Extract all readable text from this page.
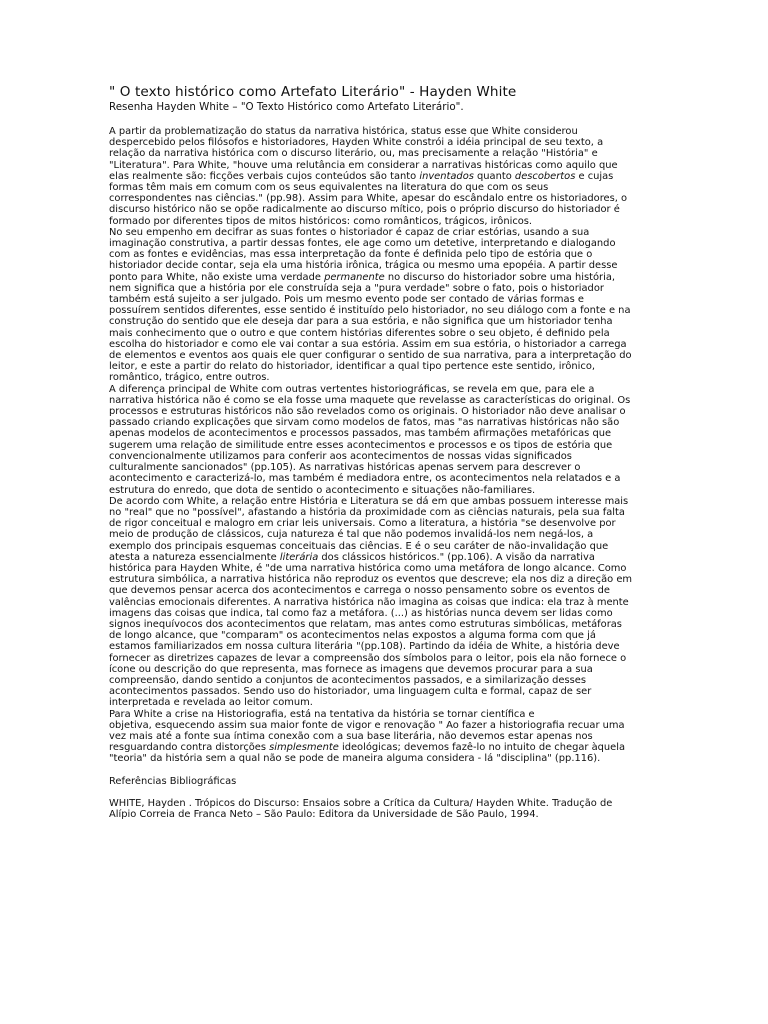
" O texto histórico como Artefato Literário" - Hayden White
Resenha Hayden White – "O Texto Histórico como Artefato Literário".

A partir da problematização do status da narrativa histórica, status esse que White considerou

despercebido pelos filósofos e historiadores, Hayden White constrói a idéia principal de seu texto, a

relação da narrativa histórica com o discurso literário, ou, mas precisamente a relação "História" e

"Literatura". Para White, "houve uma relutância em considerar a narrativas históricas como aquilo que

elas realmente são: ficções verbais cujos conteúdos são tanto inventados quanto descobertos e cujas

formas têm mais em comum com os seus equivalentes na literatura do que com os seus

correspondentes nas ciências." (pp.98). Assim para White, apesar do escândalo entre os historiadores, o

discurso histórico não se opõe radicalmente ao discurso mítico, pois o próprio discurso do historiador é

formado por diferentes tipos de mitos históricos: como românticos, trágicos, irônicos.

No seu empenho em decifrar as suas fontes o historiador é capaz de criar estórias, usando a sua

imaginação construtiva, a partir dessas fontes, ele age como um detetive, interpretando e dialogando

com as fontes e evidências, mas essa interpretação da fonte é definida pelo tipo de estória que o

historiador decide contar, seja ela uma história irônica, trágica ou mesmo uma epopéia. A partir desse

ponto para White, não existe uma verdade permanente no discurso do historiador sobre uma história,

nem significa que a história por ele construída seja a "pura verdade" sobre o fato, pois o historiador

também está sujeito a ser julgado. Pois um mesmo evento pode ser contado de várias formas e

possuírem sentidos diferentes, esse sentido é instituído pelo historiador, no seu diálogo com a fonte e na

construção do sentido que ele deseja dar para a sua estória, e não significa que um historiador tenha

mais conhecimento que o outro e que contem histórias diferentes sobre o seu objeto, é definido pela

escolha do historiador e como ele vai contar a sua estória. Assim em sua estória, o historiador a carrega

de elementos e eventos aos quais ele quer configurar o sentido de sua narrativa, para a interpretação do

leitor, e este a partir do relato do historiador, identificar a qual tipo pertence este sentido, irônico,

romântico, trágico, entre outros.

A diferença principal de White com outras vertentes historiográficas, se revela em que, para ele a

narrativa histórica não é como se ela fosse uma maquete que revelasse as características do original. Os

processos e estruturas históricos não são revelados como os originais. O historiador não deve analisar o

passado criando explicações que sirvam como modelos de fatos, mas "as narrativas históricas não são

apenas modelos de acontecimentos e processos passados, mas também afirmações metafóricas que

sugerem uma relação de similitude entre esses acontecimentos e processos e os tipos de estória que

convencionalmente utilizamos para conferir aos acontecimentos de nossas vidas significados

culturalmente sancionados" (pp.105). As narrativas históricas apenas servem para descrever o

acontecimento e caracterizá-lo, mas também é mediadora entre, os acontecimentos nela relatados e a

estrutura do enredo, que dota de sentido o acontecimento e situações não-familiares.

De acordo com White, a relação entre História e Literatura se dá em que ambas possuem interesse mais

no "real" que no "possível", afastando a história da proximidade com as ciências naturais, pela sua falta

de rigor conceitual e malogro em criar leis universais. Como a literatura, a história "se desenvolve por

meio de produção de clássicos, cuja natureza é tal que não podemos invalidá-los nem negá-los, a

exemplo dos principais esquemas conceituais das ciências. E é o seu caráter de não-invalidação que

atesta a natureza essencialmente literária dos clássicos históricos." (pp.106). A visão da narrativa

histórica para Hayden White, é "de uma narrativa histórica como uma metáfora de longo alcance. Como

estrutura simbólica, a narrativa histórica não reproduz os eventos que descreve; ela nos diz a direção em

que devemos pensar acerca dos acontecimentos e carrega o nosso pensamento sobre os eventos de

valências emocionais diferentes. A narrativa histórica não imagina as coisas que indica: ela traz à mente

imagens das coisas que indica, tal como faz a metáfora. (...) as histórias nunca devem ser lidas como

signos inequívocos dos acontecimentos que relatam, mas antes como estruturas simbólicas, metáforas

de longo alcance, que "comparam" os acontecimentos nelas expostos a alguma forma com que já

estamos familiarizados em nossa cultura literária "(pp.108). Partindo da idéia de White, a história deve

fornecer as diretrizes capazes de levar a compreensão dos símbolos para o leitor, pois ela não fornece o

ícone ou descrição do que representa, mas fornece as imagens que devemos procurar para a sua

compreensão, dando sentido a conjuntos de acontecimentos passados, e a similarização desses

acontecimentos passados. Sendo uso do historiador, uma linguagem culta e formal, capaz de ser

interpretada e revelada ao leitor comum.

Para White a crise na Historiografia, está na tentativa da história se tornar científica e

objetiva, esquecendo assim sua maior fonte de vigor e renovação " Ao fazer a historiografia recuar uma

vez mais até a fonte sua íntima conexão com a sua base literária, não devemos estar apenas nos

resguardando contra distorções simplesmente ideológicas; devemos fazê-lo no intuito de chegar àquela

"teoria" da história sem a qual não se pode de maneira alguma considera - lá "disciplina" (pp.116).

Referências Bibliográficas

WHITE, Hayden . Trópicos do Discurso: Ensaios sobre a Crítica da Cultura/ Hayden White. Tradução de

Alípio Correia de Franca Neto – São Paulo: Editora da Universidade de São Paulo, 1994.
